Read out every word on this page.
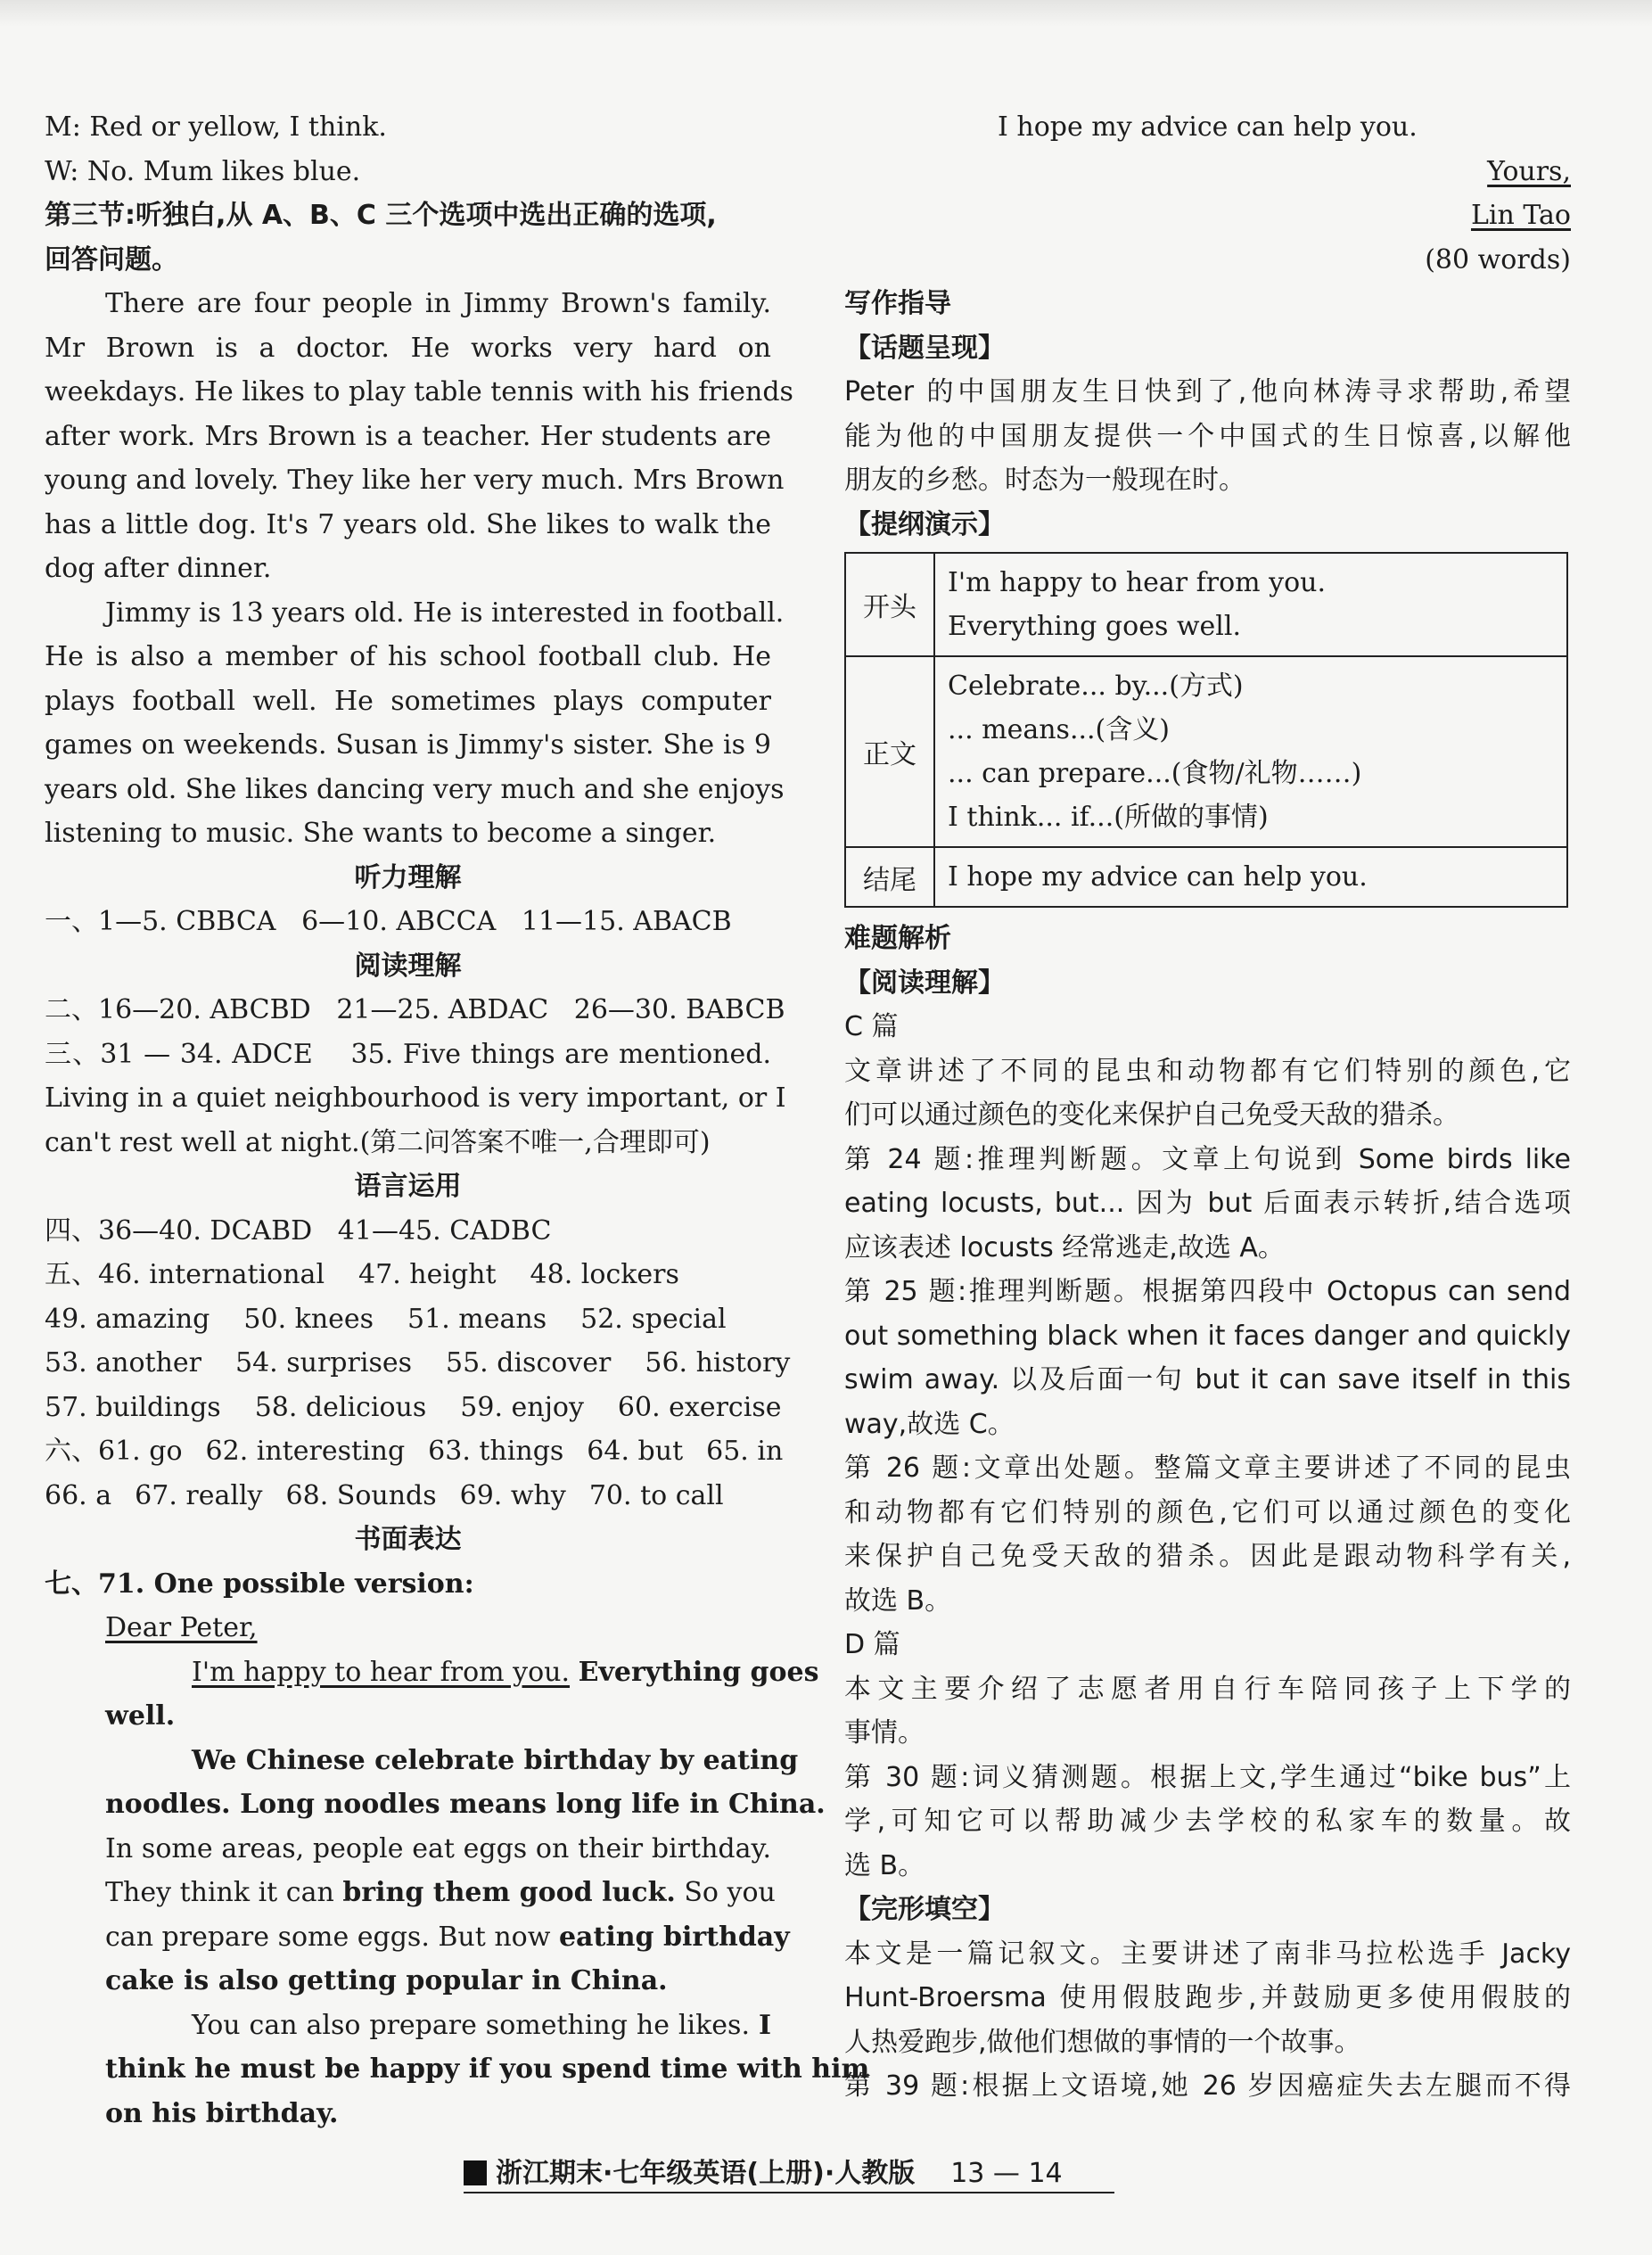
M: Red or yellow, I think.
W: No. Mum likes blue.
第三节:听独白,从 A、B、C 三个选项中选出正确的选项,
回答问题。
There are four people in Jimmy Brown's family.
Mr Brown is a doctor. He works very hard on
weekdays. He likes to play table tennis with his friends
after work. Mrs Brown is a teacher. Her students are
young and lovely. They like her very much. Mrs Brown
has a little dog. It's 7 years old. She likes to walk the
dog after dinner.
Jimmy is 13 years old. He is interested in football.
He is also a member of his school football club. He
plays football well. He sometimes plays computer
games on weekends. Susan is Jimmy's sister. She is 9
years old. She likes dancing very much and she enjoys
listening to music. She wants to become a singer.
听力理解
一、1—5. CBBCA   6—10. ABCCA   11—15. ABACB
阅读理解
二、16—20. ABCBD   21—25. ABDAC   26—30. BABCB
三、31 — 34. ADCE    35. Five things are mentioned.
Living in a quiet neighbourhood is very important, or I
can't rest well at night.(第二问答案不唯一,合理即可)
语言运用
四、36—40. DCABD   41—45. CADBC
五、46. international 47. height 48. lockers
49. amazing 50. knees 51. means 52. special
53. another 54. surprises 55. discover 56. history
57. buildings 58. delicious 59. enjoy 60. exercise
六、61. go 62. interesting 63. things 64. but 65. in
66. a 67. really 68. Sounds 69. why 70. to call
书面表达
七、71. One possible version:
Dear Peter,
I'm happy to hear from you. Everything goes
well.
We Chinese celebrate birthday by eating
noodles. Long noodles means long life in China.
In some areas, people eat eggs on their birthday.
They think it can bring them good luck. So you
can prepare some eggs. But now eating birthday
cake is also getting popular in China.
You can also prepare something he likes. I
think he must be happy if you spend time with him
on his birthday.
I hope my advice can help you.
Yours,
Lin Tao
(80 words)
写作指导
【话题呈现】
Peter 的中国朋友生日快到了,他向林涛寻求帮助,希望
能为他的中国朋友提供一个中国式的生日惊喜,以解他
朋友的乡愁。时态为一般现在时。
【提纲演示】
开头	I'm happy to hear from you.
Everything goes well.

正文	Celebrate... by...(方式)
... means...(含义)
... can prepare...(食物/礼物……)
I think... if...(所做的事情)

结尾	I hope my advice can help you.
难题解析
【阅读理解】
C 篇
文章讲述了不同的昆虫和动物都有它们特别的颜色,它
们可以通过颜色的变化来保护自己免受天敌的猎杀。
第 24 题:推理判断题。文章上句说到 Some birds like
eating locusts, but... 因为 but 后面表示转折,结合选项
应该表述 locusts 经常逃走,故选 A。
第 25 题:推理判断题。根据第四段中 Octopus can send
out something black when it faces danger and quickly
swim away. 以及后面一句 but it can save itself in this
way,故选 C。
第 26 题:文章出处题。整篇文章主要讲述了不同的昆虫
和动物都有它们特别的颜色,它们可以通过颜色的变化
来保护自己免受天敌的猎杀。因此是跟动物科学有关,
故选 B。
D 篇
本文主要介绍了志愿者用自行车陪同孩子上下学的
事情。
第 30 题:词义猜测题。根据上文,学生通过“bike bus”上
学,可知它可以帮助减少去学校的私家车的数量。故
选 B。
【完形填空】
本文是一篇记叙文。主要讲述了南非马拉松选手 Jacky
Hunt-Broersma 使用假肢跑步,并鼓励更多使用假肢的
人热爱跑步,做他们想做的事情的一个故事。
第 39 题:根据上文语境,她 26 岁因癌症失去左腿而不得
浙江期末·七年级英语(上册)·人教版 13 — 14
